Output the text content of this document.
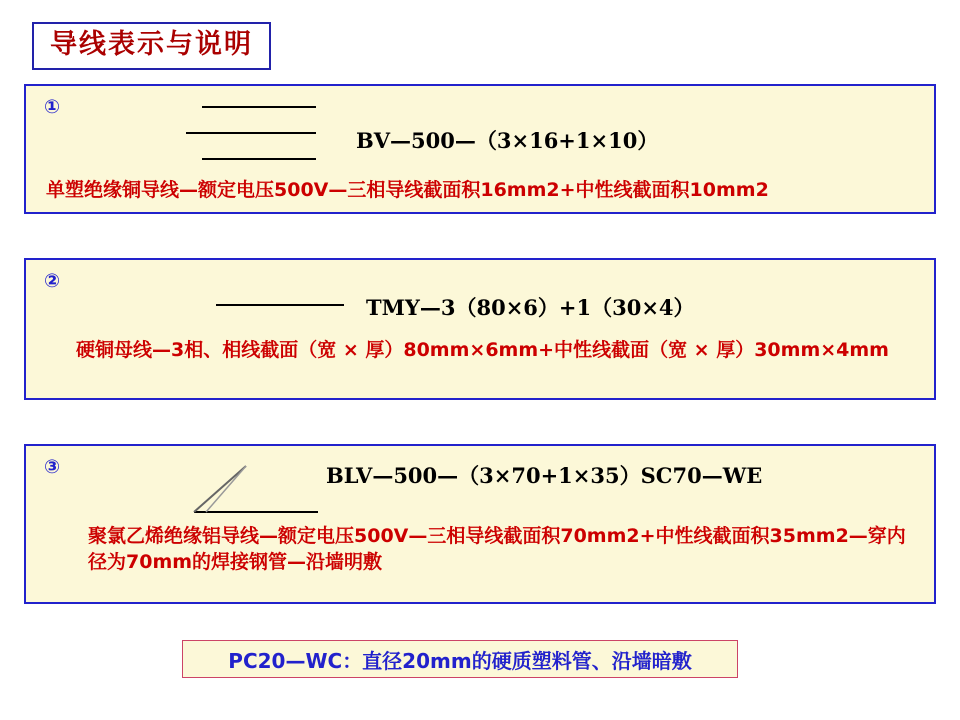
导线表示与说明
①
BV—500—（3×16+1×10）
单塑绝缘铜导线—额定电压500V—三相导线截面积16mm2+中性线截面积10mm2
②
TMY—3（80×6）+1（30×4）
硬铜母线—3相、相线截面（宽 × 厚）80mm×6mm+中性线截面（宽 × 厚）30mm×4mm
③	BLV—500—（3×70+1×35）SC70—WE
聚氯乙烯绝缘铝导线—额定电压500V—三相导线截面积70mm2+中性线截面积35mm2—穿内径为70mm的焊接钢管—沿墙明敷
PC20—WC：直径20mm的硬质塑料管、沿墙暗敷
